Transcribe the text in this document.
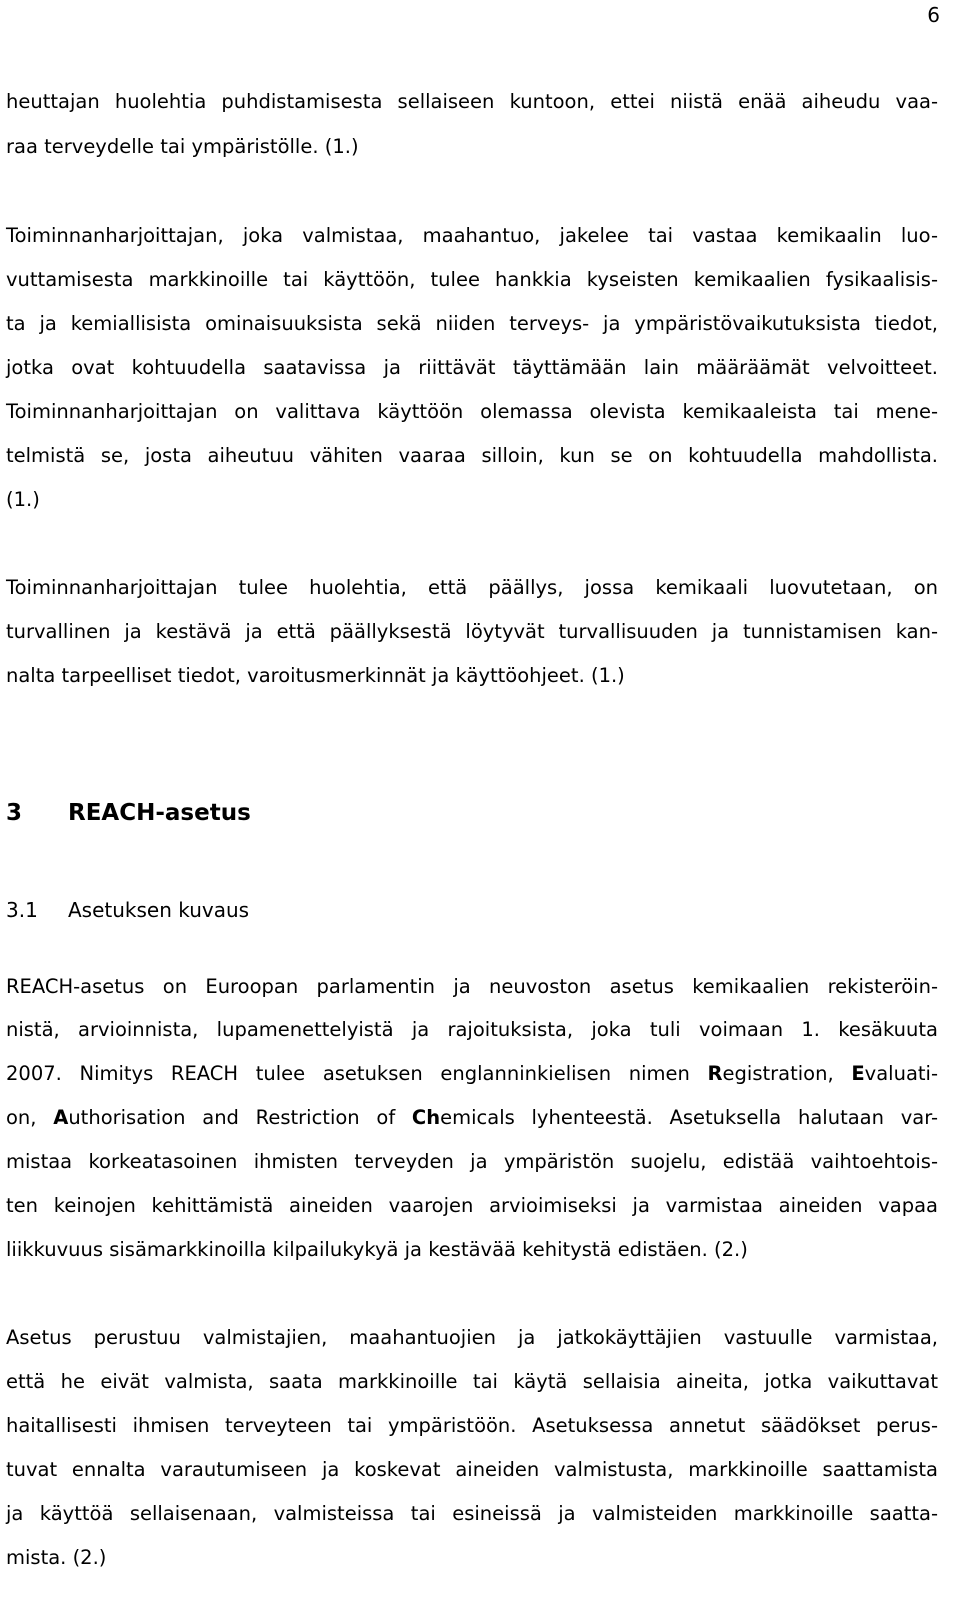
6
heuttajan huolehtia puhdistamisesta sellaiseen kuntoon, ettei niistä enää aiheudu vaa-
raa terveydelle tai ympäristölle. (1.)
Toiminnanharjoittajan, joka valmistaa, maahantuo, jakelee tai vastaa kemikaalin luo-
vuttamisesta markkinoille tai käyttöön, tulee hankkia kyseisten kemikaalien fysikaalisis-
ta ja kemiallisista ominaisuuksista sekä niiden terveys- ja ympäristövaikutuksista tiedot,
jotka ovat kohtuudella saatavissa ja riittävät täyttämään lain määräämät velvoitteet.
Toiminnanharjoittajan on valittava käyttöön olemassa olevista kemikaaleista tai mene-
telmistä se, josta aiheutuu vähiten vaaraa silloin, kun se on kohtuudella mahdollista.
(1.)
Toiminnanharjoittajan tulee huolehtia, että päällys, jossa kemikaali luovutetaan, on
turvallinen ja kestävä ja että päällyksestä löytyvät turvallisuuden ja tunnistamisen kan-
nalta tarpeelliset tiedot, varoitusmerkinnät ja käyttöohjeet. (1.)
REACH-asetus on Euroopan parlamentin ja neuvoston asetus kemikaalien rekisteröin-
nistä, arvioinnista, lupamenettelyistä ja rajoituksista, joka tuli voimaan 1. kesäkuuta
2007. Nimitys REACH tulee asetuksen englanninkielisen nimen Registration, Evaluati-
on, Authorisation and Restriction of Chemicals lyhenteestä. Asetuksella halutaan var-
mistaa korkeatasoinen ihmisten terveyden ja ympäristön suojelu, edistää vaihtoehtois-
ten keinojen kehittämistä aineiden vaarojen arvioimiseksi ja varmistaa aineiden vapaa
liikkuvuus sisämarkkinoilla kilpailukykyä ja kestävää kehitystä edistäen. (2.)
Asetus perustuu valmistajien, maahantuojien ja jatkokäyttäjien vastuulle varmistaa,
että he eivät valmista, saata markkinoille tai käytä sellaisia aineita, jotka vaikuttavat
haitallisesti ihmisen terveyteen tai ympäristöön. Asetuksessa annetut säädökset perus-
tuvat ennalta varautumiseen ja koskevat aineiden valmistusta, markkinoille saattamista
ja käyttöä sellaisenaan, valmisteissa tai esineissä ja valmisteiden markkinoille saatta-
mista. (2.)
3 REACH-asetus
3.1 Asetuksen kuvaus
